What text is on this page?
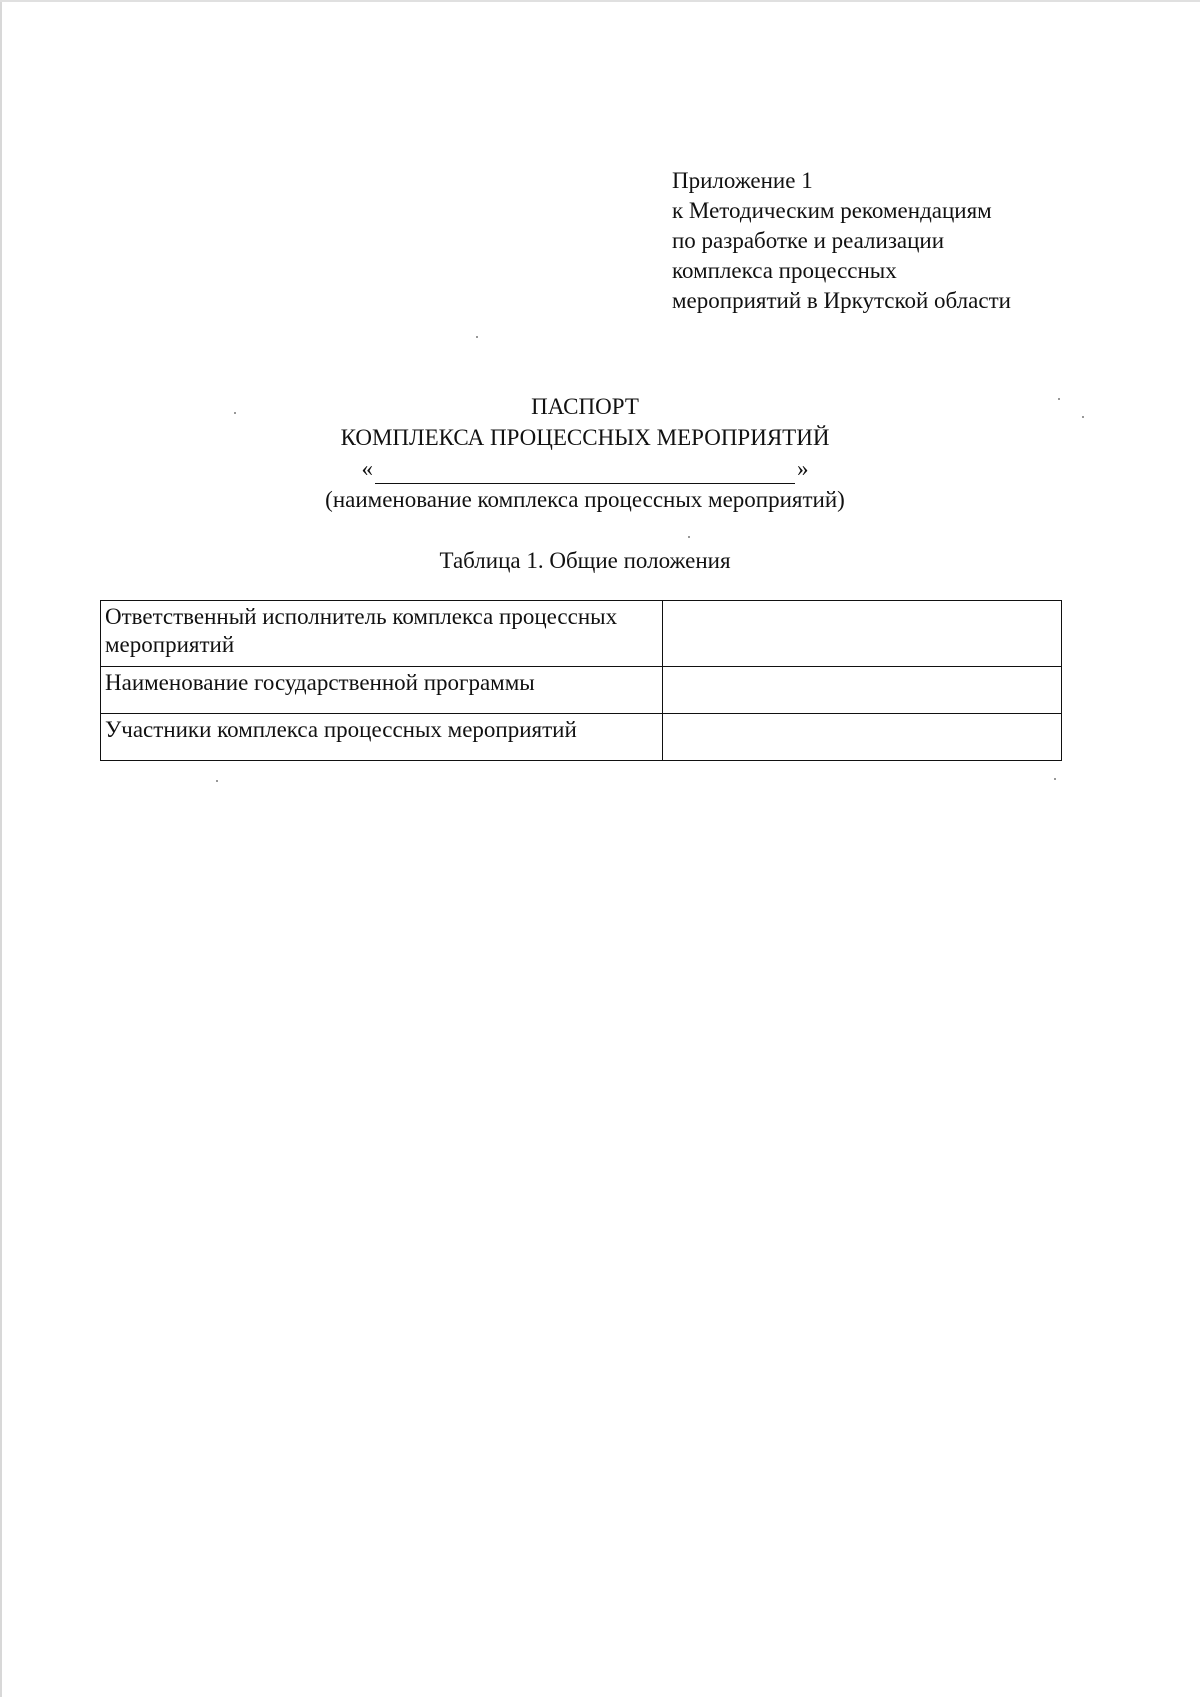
Приложение 1
к Методическим рекомендациям
по разработке и реализации
комплекса процессных
мероприятий в Иркутской области
ПАСПОРТ
КОМПЛЕКСА ПРОЦЕССНЫХ МЕРОПРИЯТИЙ
«	»
(наименование комплекса процессных мероприятий)
Таблица 1. Общие положения
Ответственный исполнитель комплекса процессных мероприятий	
Наименование государственной программы	
Участники комплекса процессных мероприятий	
